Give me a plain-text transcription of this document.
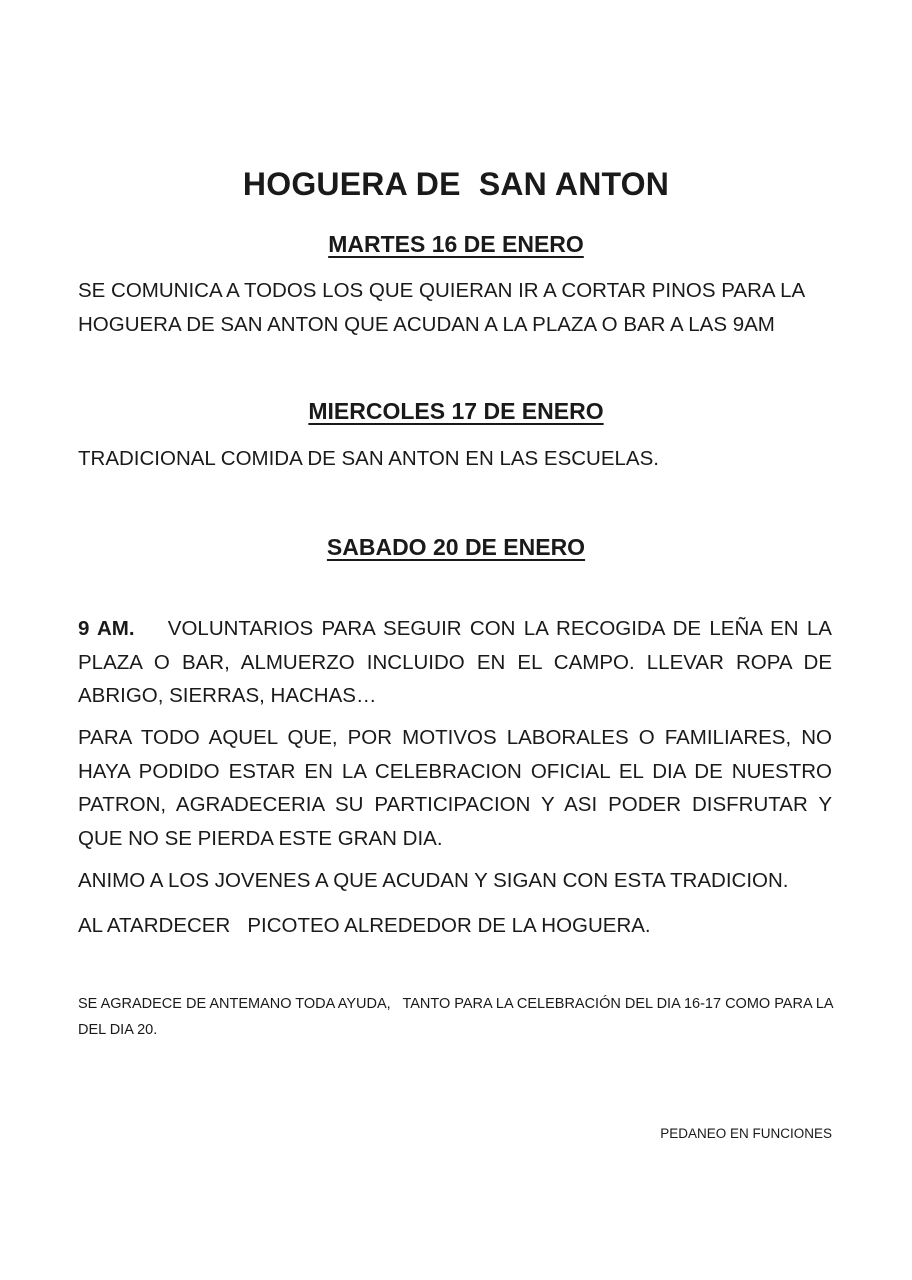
HOGUERA DE  SAN ANTON
MARTES 16 DE ENERO
SE COMUNICA A TODOS LOS QUE QUIERAN IR A CORTAR PINOS PARA LA HOGUERA DE SAN ANTON QUE ACUDAN A LA PLAZA O BAR A LAS 9AM
MIERCOLES 17 DE ENERO
TRADICIONAL COMIDA DE SAN ANTON EN LAS ESCUELAS.
SABADO 20 DE ENERO
9 AM. VOLUNTARIOS PARA SEGUIR CON LA RECOGIDA DE LEÑA EN LA PLAZA O BAR, ALMUERZO INCLUIDO EN EL CAMPO. LLEVAR ROPA DE ABRIGO, SIERRAS, HACHAS…
PARA TODO AQUEL QUE, POR MOTIVOS LABORALES O FAMILIARES, NO HAYA PODIDO ESTAR EN LA CELEBRACION OFICIAL EL DIA DE NUESTRO PATRON, AGRADECERIA SU PARTICIPACION Y ASI PODER DISFRUTAR Y QUE NO SE PIERDA ESTE GRAN DIA.
ANIMO A LOS JOVENES A QUE ACUDAN Y SIGAN CON ESTA TRADICION.
AL ATARDECER   PICOTEO ALREDEDOR DE LA HOGUERA.
SE AGRADECE DE ANTEMANO TODA AYUDA,   TANTO PARA LA CELEBRACIÓN DEL DIA 16-17 COMO PARA LA DEL DIA 20.
PEDANEO EN FUNCIONES
